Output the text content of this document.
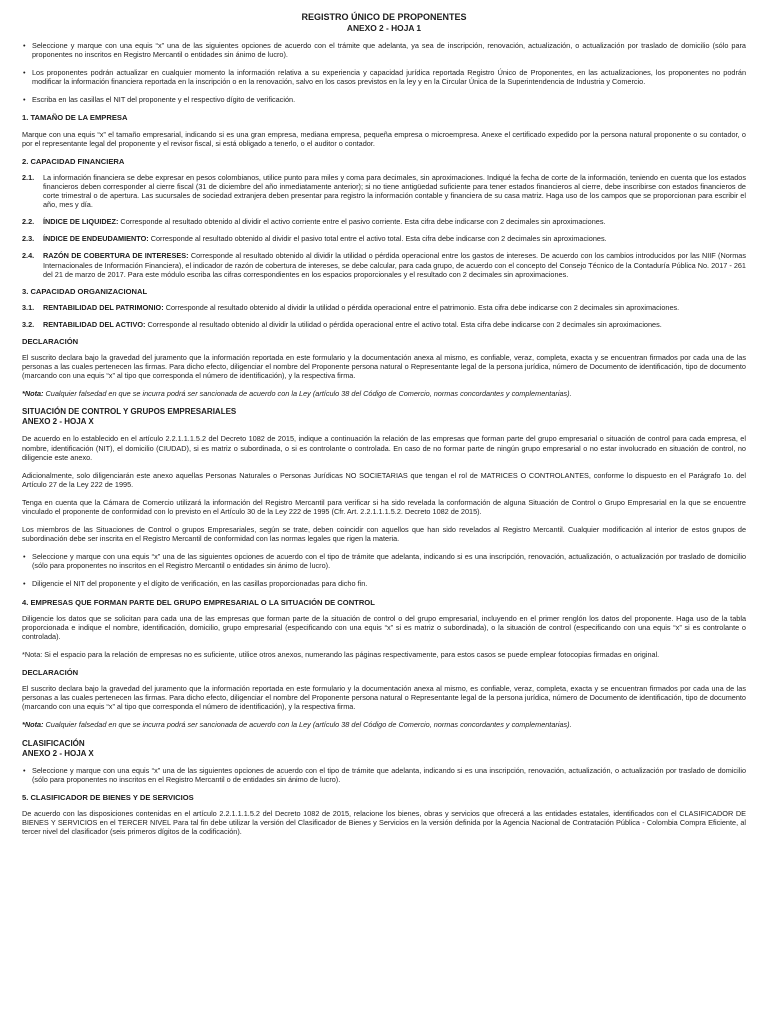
REGISTRO ÚNICO DE PROPONENTES
ANEXO 2 - HOJA 1
• Seleccione y marque con una equis “x” una de las siguientes opciones de acuerdo con el trámite que adelanta, ya sea de inscripción, renovación, actualización, o actualización por traslado de domicilio (sólo para proponentes no inscritos en Registro Mercantil o entidades sin ánimo de lucro).
• Los proponentes podrán actualizar en cualquier momento la información relativa a su experiencia y capacidad jurídica reportada Registro Único de Proponentes, en las actualizaciones, los proponentes no podrán modificar la información financiera reportada en la inscripción o en la renovación, salvo en los casos previstos en la ley y en la Circular Única de la Superintendencia de Industria y Comercio.
• Escriba en las casillas el NIT del proponente y el respectivo dígito de verificación.
1. TAMAÑO DE LA EMPRESA

Marque con una equis “x” el tamaño empresarial, indicando si es una gran empresa, mediana empresa, pequeña empresa o microempresa. Anexe el certificado expedido por la persona natural proponente o su contador, o por el representante legal del proponente y el revisor fiscal, si está obligado a tenerlo, o el auditor o contador.

2. CAPACIDAD FINANCIERA
2.1. La información financiera se debe expresar en pesos colombianos, utilice punto para miles y coma para decimales, sin aproximaciones. Indiqué la fecha de corte de la información, teniendo en cuenta que los estados financieros deben corresponder al cierre fiscal (31 de diciembre del año inmediatamente anterior); si no tiene antigüedad suficiente para tener estados financieros al cierre, debe inscribirse con estados financieros de corte trimestral o de apertura. Las sucursales de sociedad extranjera deben presentar para registro la información contable y financiera de su casa matriz. Haga uso de los campos que se proporcionan para escribir el año, mes y día.
2.2. ÍNDICE DE LIQUIDEZ: Corresponde al resultado obtenido al dividir el activo corriente entre el pasivo corriente. Esta cifra debe indicarse con 2 decimales sin aproximaciones.
2.3. ÍNDICE DE ENDEUDAMIENTO: Corresponde al resultado obtenido al dividir el pasivo total entre el activo total. Esta cifra debe indicarse con 2 decimales sin aproximaciones.
2.4. RAZÓN DE COBERTURA DE INTERESES: Corresponde al resultado obtenido al dividir la utilidad o pérdida operacional entre los gastos de intereses. De acuerdo con los cambios introducidos por las NIIF (Normas Internacionales de Información Financiera), el indicador de razón de cobertura de intereses, se debe calcular, para cada grupo, de acuerdo con el concepto del Consejo Técnico de la Contaduría Pública No. 2017 - 261 del 21 de marzo de 2017. Para este módulo escriba las cifras correspondientes en los espacios proporcionales y el resultado con 2 decimales sin aproximaciones.
3. CAPACIDAD ORGANIZACIONAL
3.1. RENTABILIDAD DEL PATRIMONIO: Corresponde al resultado obtenido al dividir la utilidad o pérdida operacional entre el patrimonio. Esta cifra debe indicarse con 2 decimales sin aproximaciones.
3.2. RENTABILIDAD DEL ACTIVO: Corresponde al resultado obtenido al dividir la utilidad o pérdida operacional entre el activo total. Esta cifra debe indicarse con 2 decimales sin aproximaciones.
DECLARACIÓN

El suscrito declara bajo la gravedad del juramento que la información reportada en este formulario y la documentación anexa al mismo, es confiable, veraz, completa, exacta y se encuentran firmados por cada una de las personas a las cuales pertenecen las firmas. Para dicho efecto, diligenciar el nombre del Proponente persona natural o Representante legal de la persona jurídica, número de Documento de identificación, tipo de documento (marcando con una equis “x” al tipo que corresponda el número de identificación), y la respectiva firma.

*Nota: Cualquier falsedad en que se incurra podrá ser sancionada de acuerdo con la Ley (artículo 38 del Código de Comercio, normas concordantes y complementarias).

SITUACIÓN DE CONTROL Y GRUPOS EMPRESARIALES
ANEXO 2 - HOJA X

De acuerdo en lo establecido en el artículo 2.2.1.1.1.5.2 del Decreto 1082 de 2015, indique a continuación la relación de las empresas que forman parte del grupo empresarial o situación de control para cada empresa, el nombre, identificación (NIT), el domicilio (CIUDAD), si es matriz o subordinada, o si es controlante o controlada. En caso de no formar parte de ningún grupo empresarial o no estar involucrado en situación de control, no diligencie este anexo.

Adicionalmente, solo diligenciarán este anexo aquellas Personas Naturales o Personas Jurídicas NO SOCIETARIAS que tengan el rol de MATRICES O CONTROLANTES, conforme lo dispuesto en el Parágrafo 1o. del Artículo 27 de la Ley 222 de 1995.

Tenga en cuenta que la Cámara de Comercio utilizará la información del Registro Mercantil para verificar si ha sido revelada la conformación de alguna Situación de Control o Grupo Empresarial en la que se encuentre vinculado el proponente de conformidad con lo previsto en el Artículo 30 de la Ley 222 de 1995 (Cfr. Art. 2.2.1.1.1.5.2. Decreto 1082 de 2015).

Los miembros de las Situaciones de Control o grupos Empresariales, según se trate, deben coincidir con aquellos que han sido revelados al Registro Mercantil. Cualquier modificación al interior de estos grupos de subordinación debe ser inscrita en el Registro Mercantil de conformidad con las normas legales que rigen la materia.

• Seleccione y marque con una equis “x” una de las siguientes opciones de acuerdo con el tipo de trámite que adelanta, indicando si es una inscripción, renovación, actualización, o actualización por traslado de domicilio (sólo para proponentes no inscritos en el Registro Mercantil o entidades sin ánimo de lucro).
• Diligencie el NIT del proponente y el dígito de verificación, en las casillas proporcionadas para dicho fin.
4. EMPRESAS QUE FORMAN PARTE DEL GRUPO EMPRESARIAL O LA SITUACIÓN DE CONTROL

Diligencie los datos que se solicitan para cada una de las empresas que forman parte de la situación de control o del grupo empresarial, incluyendo en el primer renglón los datos del proponente. Haga uso de la tabla proporcionada e indique el nombre, identificación, domicilio, grupo empresarial (especificando con una equis “x” si es matriz o subordinada), o la situación de control (especificando con una equis “x” si es controlante o controlada).

*Nota: Si el espacio para la relación de empresas no es suficiente, utilice otros anexos, numerando las páginas respectivamente, para estos casos se puede emplear fotocopias firmadas en original.

DECLARACIÓN

El suscrito declara bajo la gravedad del juramento que la información reportada en este formulario y la documentación anexa al mismo, es confiable, veraz, completa, exacta y se encuentran firmados por cada una de las personas a las cuales pertenecen las firmas. Para dicho efecto, diligenciar el nombre del Proponente persona natural o Representante legal de la persona jurídica, número de Documento de identificación, tipo de documento (marcando con una equis “x” al tipo que corresponda el número de identificación), y la respectiva firma.

*Nota: Cualquier falsedad en que se incurra podrá ser sancionada de acuerdo con la Ley (artículo 38 del Código de Comercio, normas concordantes y complementarias).

CLASIFICACIÓN
ANEXO 2 - HOJA X
• Seleccione y marque con una equis “x” una de las siguientes opciones de acuerdo con el tipo de trámite que adelanta, indicando si es una inscripción, renovación, actualización, o actualización por traslado de domicilio (sólo para proponentes no inscritos en el Registro Mercantil o de entidades sin ánimo de lucro).
5. CLASIFICADOR DE BIENES Y DE SERVICIOS

De acuerdo con las disposiciones contenidas en el artículo 2.2.1.1.1.5.2 del Decreto 1082 de 2015, relacione los bienes, obras y servicios que ofrecerá a las entidades estatales, identificados con el CLASIFICADOR DE BIENES Y SERVICIOS en el TERCER NIVEL Para tal fin debe utilizar la versión del Clasificador de Bienes y Servicios en la versión definida por la Agencia Nacional de Contratación Pública - Colombia Compra Eficiente, al tercer nivel del clasificador (seis primeros dígitos de la codificación).
